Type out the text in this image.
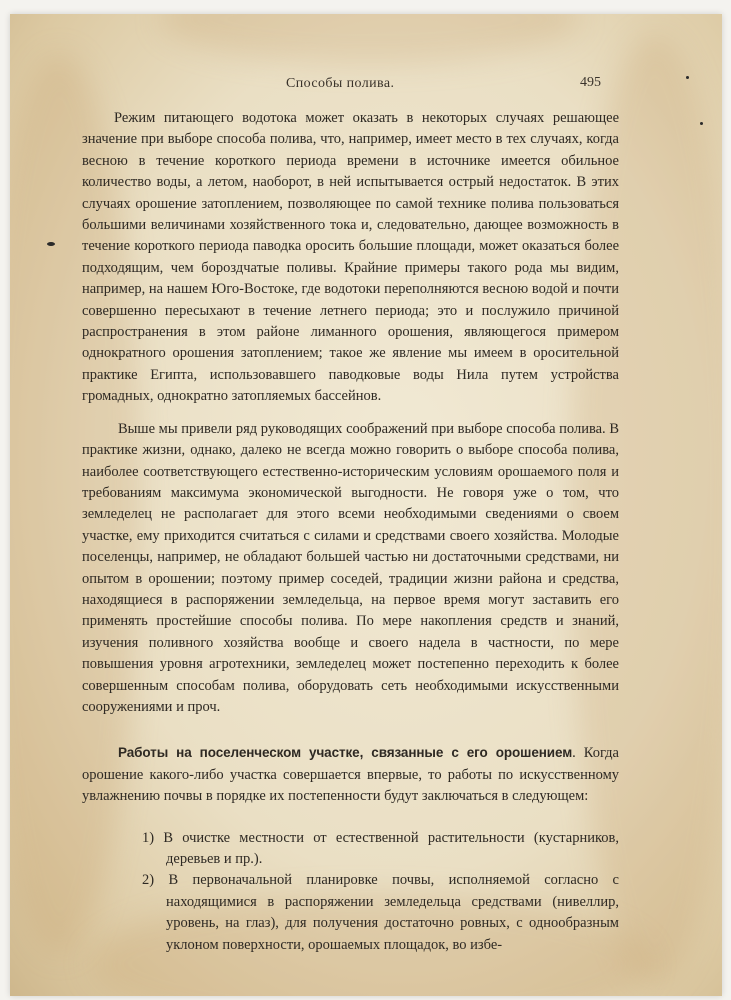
Способы полива.	495

Режим питающего водотока может оказать в некоторых случаях решающее значение при выборе способа полива, что, например, имеет место в тех случаях, когда весною в течение короткого периода времени в источнике имеется обильное количество воды, а летом, наоборот, в ней испытывается острый недостаток. В этих случаях орошение затоплением, позволяющее по самой технике полива пользоваться большими величинами хозяйственного тока и, следовательно, дающее возможность в течение короткого периода паводка оросить большие площади, может оказаться более подходящим, чем бороздчатые поливы. Крайние примеры такого рода мы видим, например, на нашем Юго-Востоке, где водотоки переполняются весною водой и почти совершенно пересыхают в течение летнего периода; это и послужило причиной распространения в этом районе лиманного орошения, являющегося примером однократного орошения затоплением; такое же явление мы имеем в оросительной практике Египта, использовавшего паводковые воды Нила путем устройства громадных, однократно затопляемых бассейнов.

Выше мы привели ряд руководящих соображений при выборе способа полива. В практике жизни, однако, далеко не всегда можно говорить о выборе способа полива, наиболее соответствующего естественно-историческим условиям орошаемого поля и требованиям максимума экономической выгодности. Не говоря уже о том, что земледелец не располагает для этого всеми необходимыми сведениями о своем участке, ему приходится считаться с силами и средствами своего хозяйства. Молодые поселенцы, например, не обладают большей частью ни достаточными средствами, ни опытом в орошении; поэтому пример соседей, традиции жизни района и средства, находящиеся в распоряжении земледельца, на первое время могут заставить его применять простейшие способы полива. По мере накопления средств и знаний, изучения поливного хозяйства вообще и своего надела в частности, по мере повышения уровня агротехники, земледелец может постепенно переходить к более совершенным способам полива, оборудовать сеть необходимыми искусственными сооружениями и проч.

Работы на поселенческом участке, связанные с его орошением. Когда орошение какого-либо участка совершается впервые, то работы по искусственному увлажнению почвы в порядке их постепенности будут заключаться в следующем:

1) В очистке местности от естественной растительности (кустарников, деревьев и пр.).
2) В первоначальной планировке почвы, исполняемой согласно с находящимися в распоряжении земледельца средствами (нивеллир, уровень, на глаз), для получения достаточно ровных, с однообразным уклоном поверхности, орошаемых площадок, во избе-
